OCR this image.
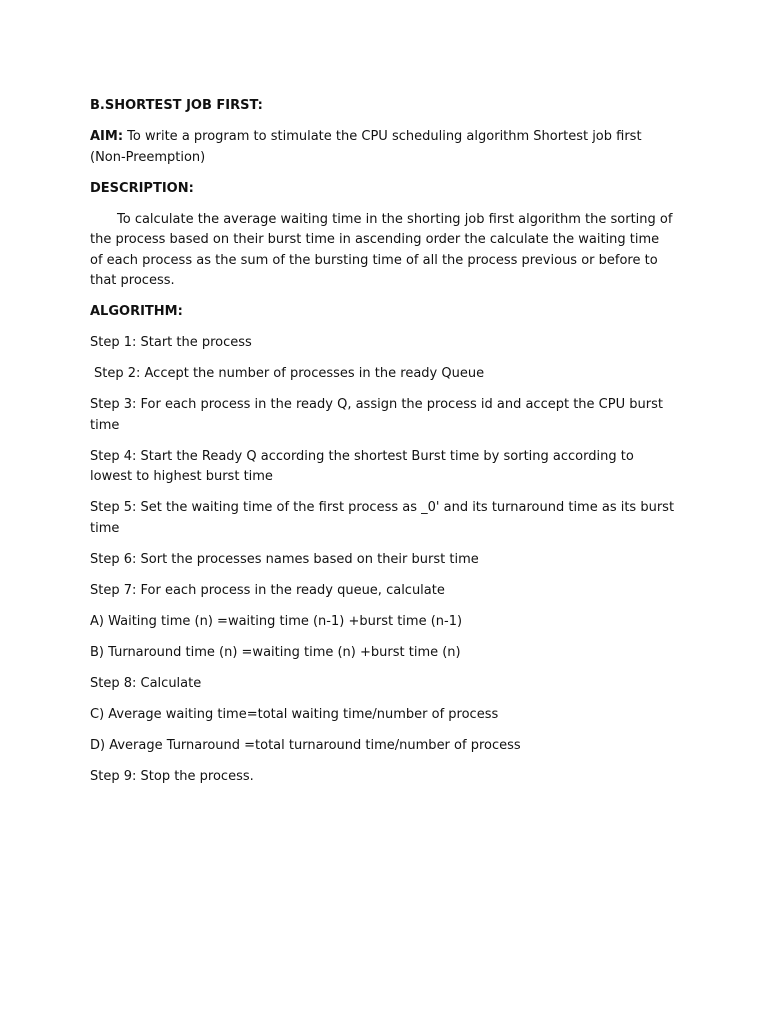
B.SHORTEST JOB FIRST:

AIM: To write a program to stimulate the CPU scheduling algorithm Shortest job first (Non-Preemption)

DESCRIPTION:

To calculate the average waiting time in the shorting job first algorithm the sorting of the process based on their burst time in ascending order the calculate the waiting time of each process as the sum of the bursting time of all the process previous or before to that process.

ALGORITHM:

Step 1: Start the process

Step 2: Accept the number of processes in the ready Queue

Step 3: For each process in the ready Q, assign the process id and accept the CPU burst time

Step 4: Start the Ready Q according the shortest Burst time by sorting according to lowest to highest burst time

Step 5: Set the waiting time of the first process as _0' and its turnaround time as its burst time

Step 6: Sort the processes names based on their burst time

Step 7: For each process in the ready queue, calculate

A) Waiting time (n) =waiting time (n-1) +burst time (n-1)

B) Turnaround time (n) =waiting time (n) +burst time (n)

Step 8: Calculate

C) Average waiting time=total waiting time/number of process

D) Average Turnaround =total turnaround time/number of process

Step 9: Stop the process.
